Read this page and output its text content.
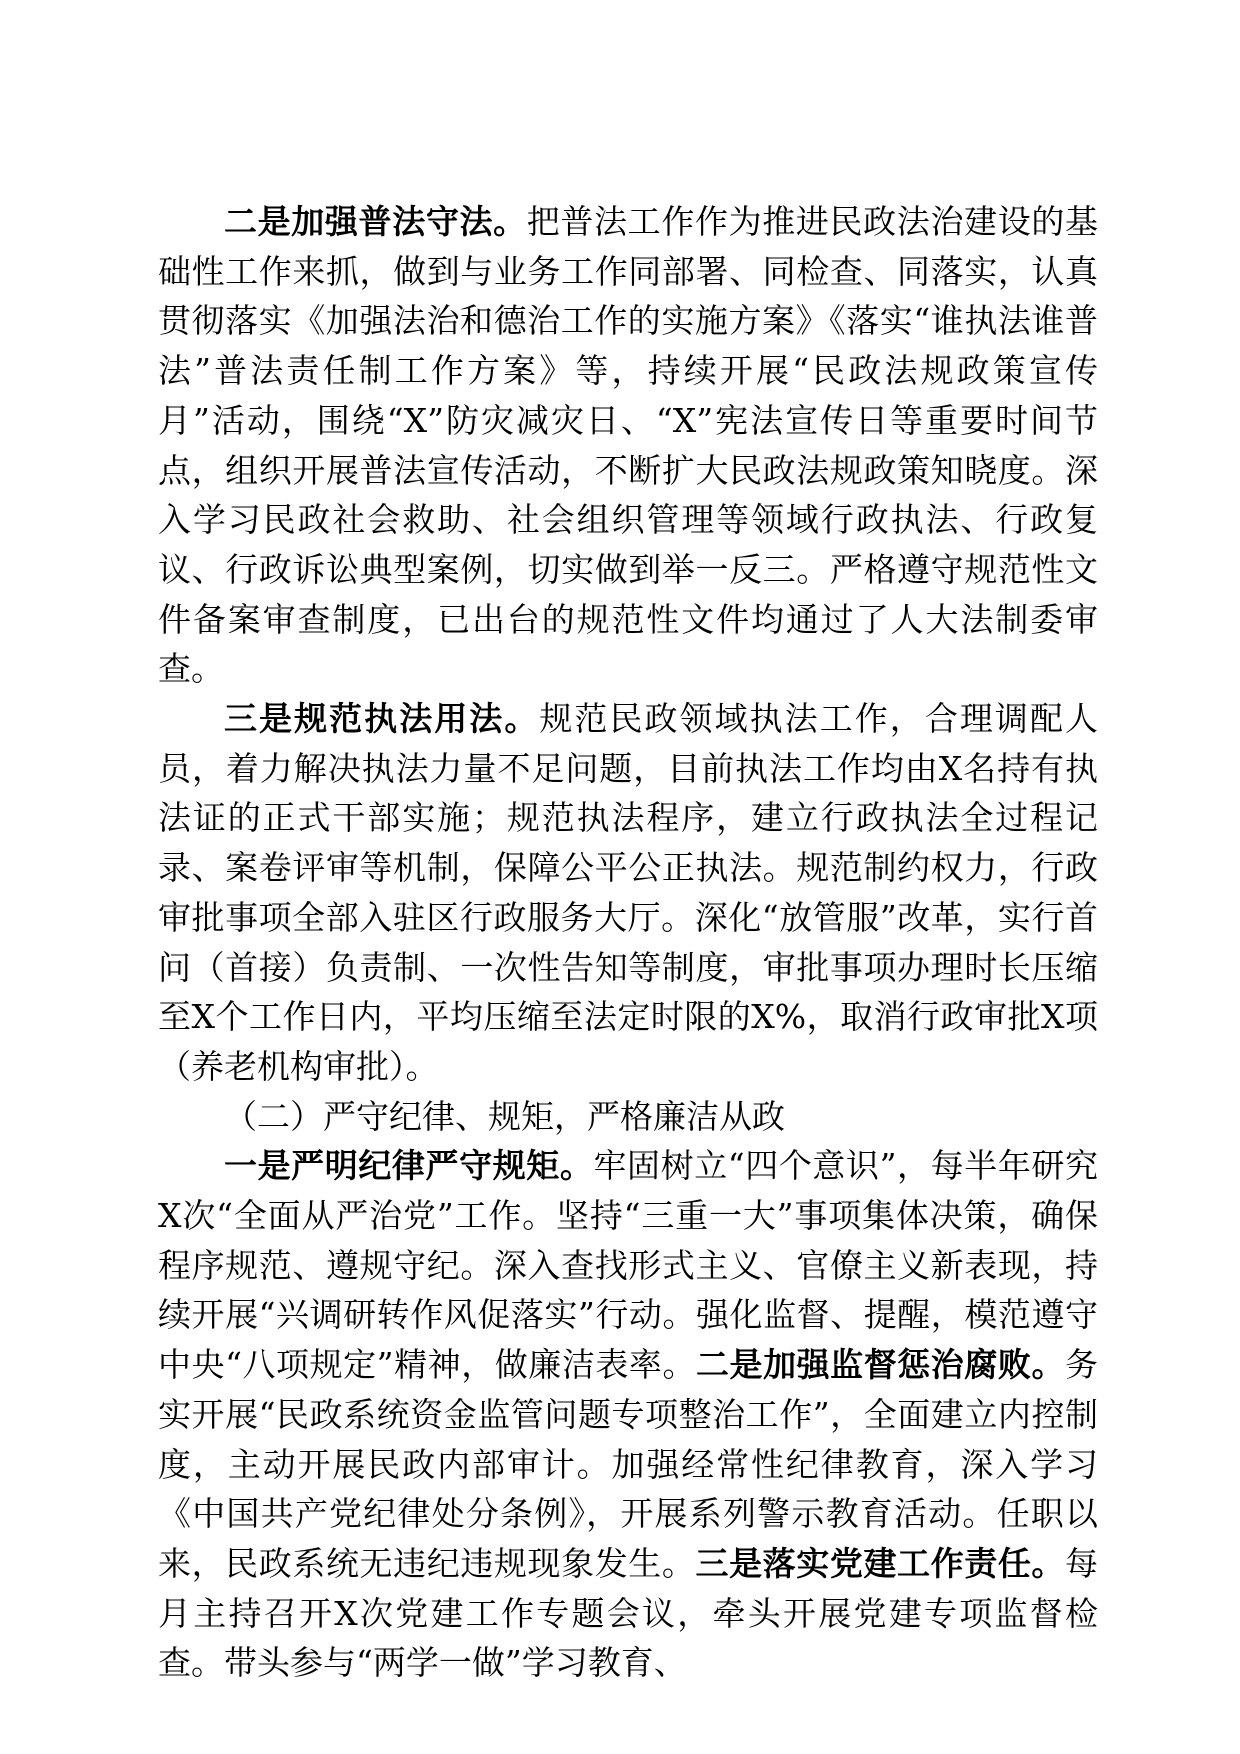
二是加强普法守法。把普法工作作为推进民政法治建设的基础性工作来抓，做到与业务工作同部署、同检查、同落实，认真贯彻落实《加强法治和德治工作的实施方案》《落实“谁执法谁普法”普法责任制工作方案》等，持续开展“民政法规政策宣传月”活动，围绕“X”防灾减灾日、“X”宪法宣传日等重要时间节点，组织开展普法宣传活动，不断扩大民政法规政策知晓度。深入学习民政社会救助、社会组织管理等领域行政执法、行政复议、行政诉讼典型案例，切实做到举一反三。严格遵守规范性文件备案审查制度，已出台的规范性文件均通过了人大法制委审查。

三是规范执法用法。规范民政领域执法工作，合理调配人员，着力解决执法力量不足问题，目前执法工作均由X名持有执法证的正式干部实施；规范执法程序，建立行政执法全过程记录、案卷评审等机制，保障公平公正执法。规范制约权力，行政审批事项全部入驻区行政服务大厅。深化“放管服”改革，实行首问（首接）负责制、一次性告知等制度，审批事项办理时长压缩至X个工作日内，平均压缩至法定时限的X%，取消行政审批X项（养老机构审批）。

（二）严守纪律、规矩，严格廉洁从政

一是严明纪律严守规矩。牢固树立“四个意识”，每半年研究X次“全面从严治党”工作。坚持“三重一大”事项集体决策，确保程序规范、遵规守纪。深入查找形式主义、官僚主义新表现，持续开展“兴调研转作风促落实”行动。强化监督、提醒，模范遵守中央“八项规定”精神，做廉洁表率。二是加强监督惩治腐败。务实开展“民政系统资金监管问题专项整治工作”，全面建立内控制度，主动开展民政内部审计。加强经常性纪律教育，深入学习《中国共产党纪律处分条例》，开展系列警示教育活动。任职以来，民政系统无违纪违规现象发生。三是落实党建工作责任。每月主持召开X次党建工作专题会议，牵头开展党建专项监督检查。带头参与“两学一做”学习教育、
